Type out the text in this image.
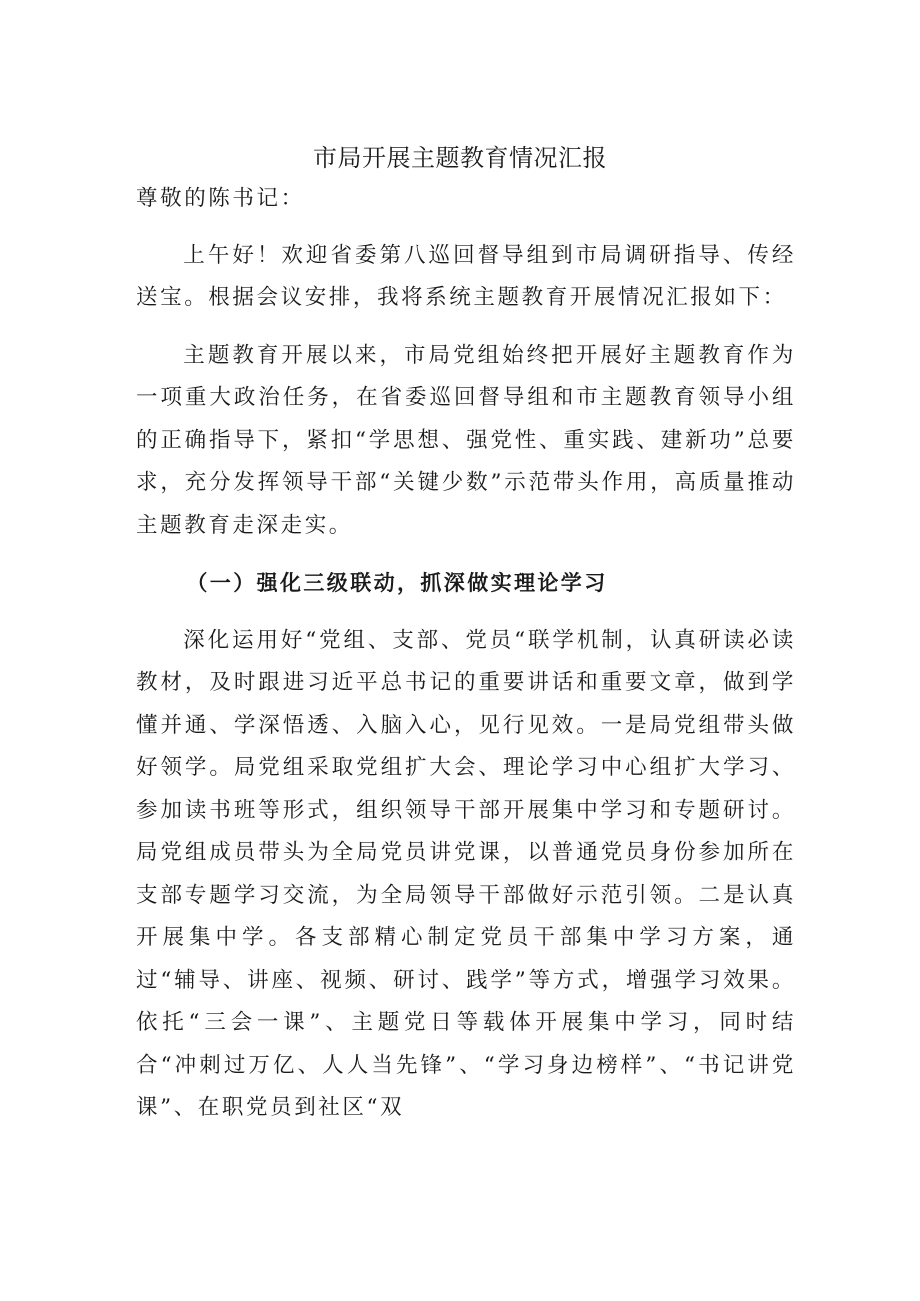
市局开展主题教育情况汇报

尊敬的陈书记：

上午好！欢迎省委第八巡回督导组到市局调研指导、传经送宝。根据会议安排，我将系统主题教育开展情况汇报如下：

主题教育开展以来，市局党组始终把开展好主题教育作为一项重大政治任务，在省委巡回督导组和市主题教育领导小组的正确指导下，紧扣“学思想、强党性、重实践、建新功”总要求，充分发挥领导干部“关键少数”示范带头作用，高质量推动主题教育走深走实。

（一）强化三级联动，抓深做实理论学习

深化运用好“党组、支部、党员“联学机制，认真研读必读教材，及时跟进习近平总书记的重要讲话和重要文章，做到学懂并通、学深悟透、入脑入心，见行见效。一是局党组带头做好领学。局党组采取党组扩大会、理论学习中心组扩大学习、参加读书班等形式，组织领导干部开展集中学习和专题研讨。局党组成员带头为全局党员讲党课，以普通党员身份参加所在支部专题学习交流，为全局领导干部做好示范引领。二是认真开展集中学。各支部精心制定党员干部集中学习方案，通过“辅导、讲座、视频、研讨、践学”等方式，增强学习效果。依托“三会一课”、主题党日等载体开展集中学习，同时结合“冲刺过万亿、人人当先锋”、“学习身边榜样”、“书记讲党课”、在职党员到社区“双
